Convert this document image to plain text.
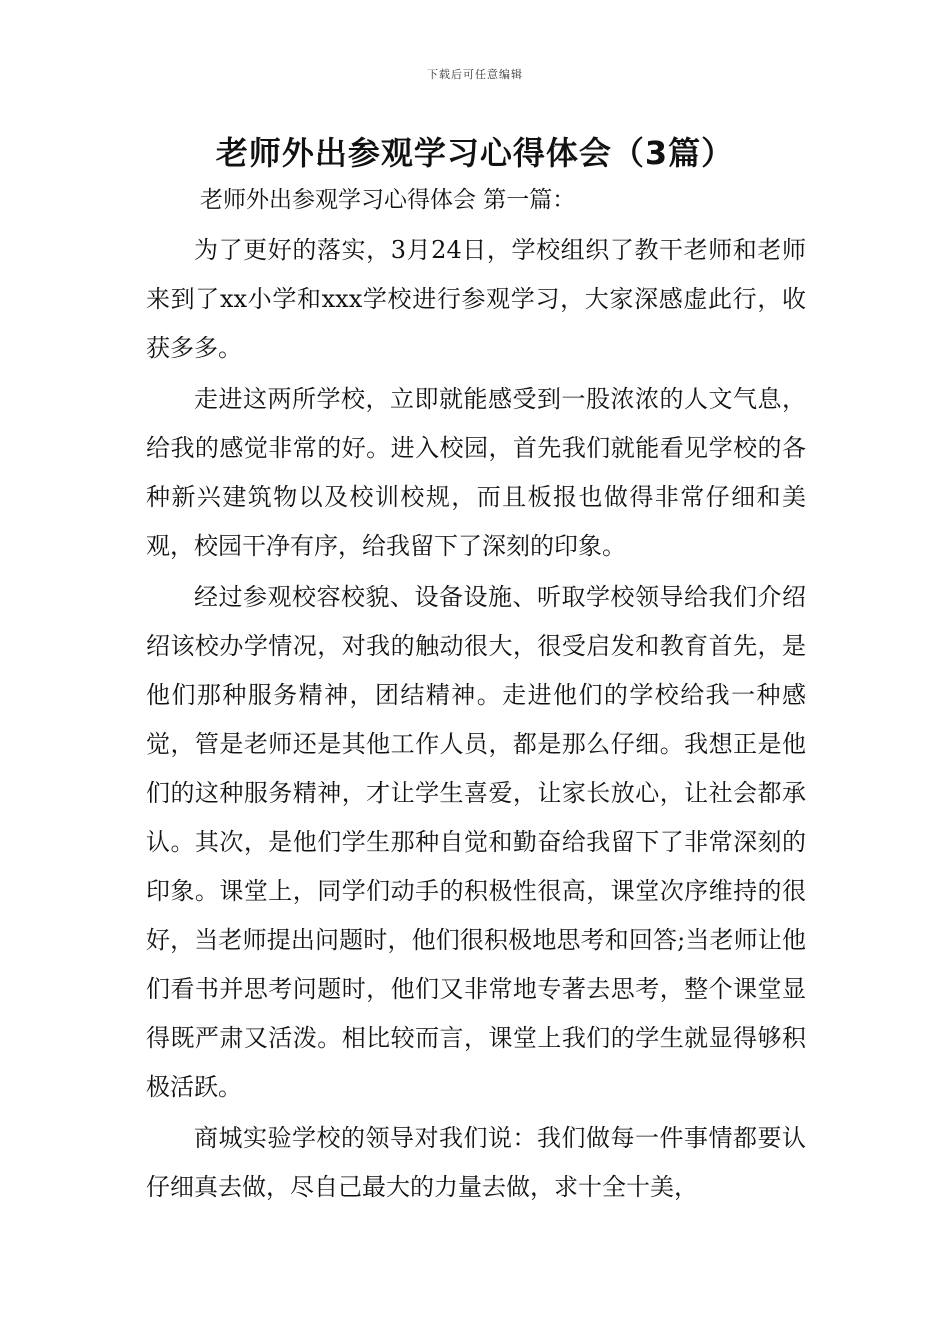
下载后可任意编辑
老师外出参观学习心得体会（3篇）
老师外出参观学习心得体会 第一篇：

为了更好的落实，3月24日，学校组织了教干老师和老师来到了xx小学和xxx学校进行参观学习，大家深感虚此行，收获多多。

走进这两所学校，立即就能感受到一股浓浓的人文气息，给我的感觉非常的好。进入校园，首先我们就能看见学校的各种新兴建筑物以及校训校规，而且板报也做得非常仔细和美观，校园干净有序，给我留下了深刻的印象。

经过参观校容校貌、设备设施、听取学校领导给我们介绍绍该校办学情况，对我的触动很大，很受启发和教育首先，是他们那种服务精神，团结精神。走进他们的学校给我一种感觉，管是老师还是其他工作人员，都是那么仔细。我想正是他们的这种服务精神，才让学生喜爱，让家长放心，让社会都承认。其次，是他们学生那种自觉和勤奋给我留下了非常深刻的印象。课堂上，同学们动手的积极性很高，课堂次序维持的很好，当老师提出问题时，他们很积极地思考和回答;当老师让他们看书并思考问题时，他们又非常地专著去思考，整个课堂显得既严肃又活泼。相比较而言，课堂上我们的学生就显得够积极活跃。

商城实验学校的领导对我们说：我们做每一件事情都要认仔细真去做，尽自己最大的力量去做，求十全十美，
